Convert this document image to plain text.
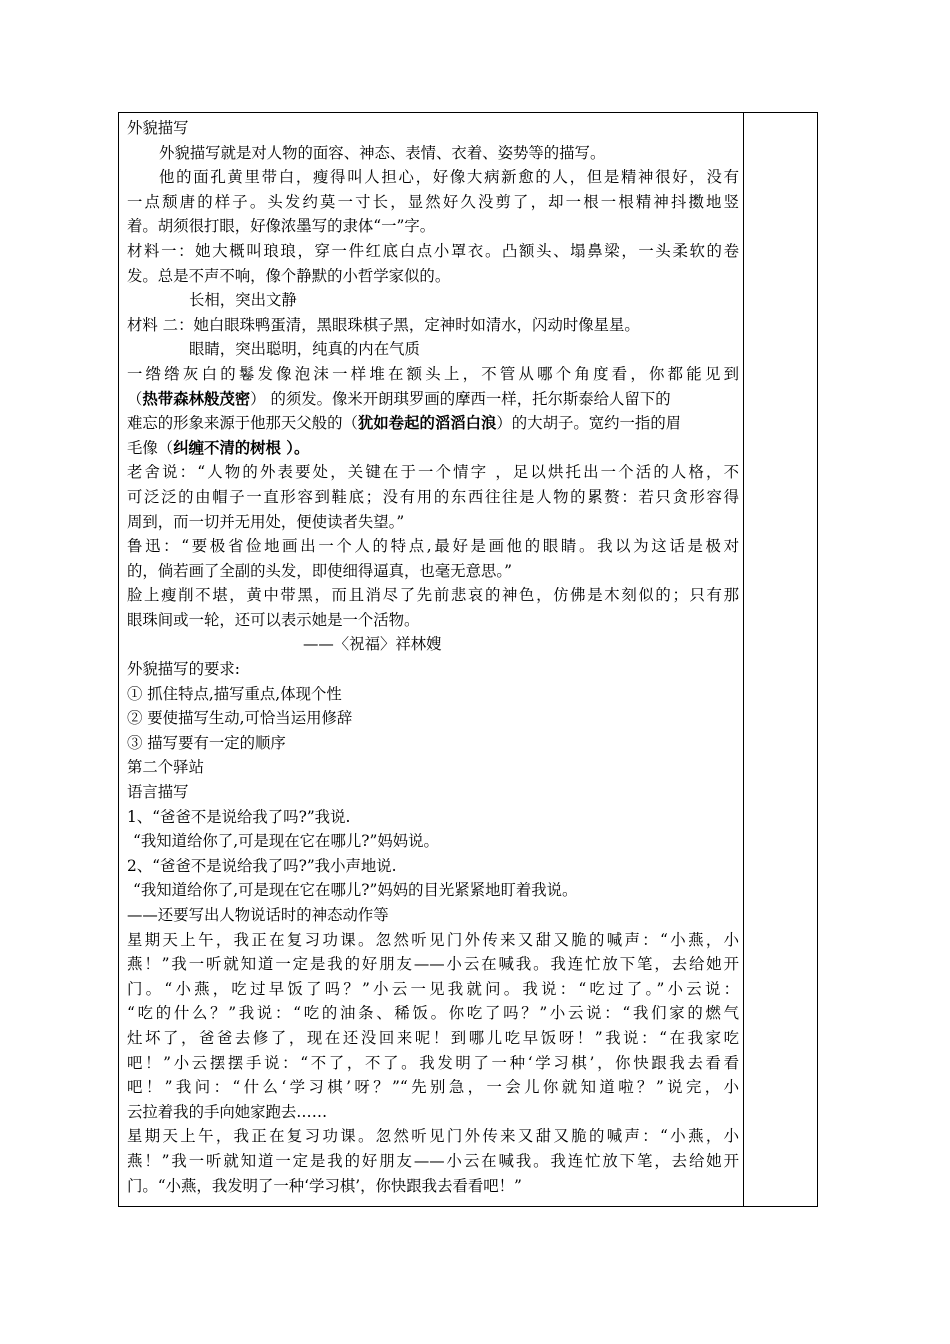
外貌描写
外貌描写就是对人物的面容、神态、表情、衣着、姿势等的描写。
他的面孔黄里带白，瘦得叫人担心，好像大病新愈的人，但是精神很好，没有
一点颓唐的样子。头发约莫一寸长，显然好久没剪了，却一根一根精神抖擞地竖
着。胡须很打眼，好像浓墨写的隶体“一”字。
材料一：她大概叫琅琅，穿一件红底白点小罩衣。凸额头、塌鼻梁，一头柔软的卷
发。总是不声不响，像个静默的小哲学家似的。
长相，突出文静
材料 二：她白眼珠鸭蛋清，黑眼珠棋子黑，定神时如清水，闪动时像星星。
眼睛，突出聪明，纯真的内在气质
一绺绺灰白的鬈发像泡沫一样堆在额头上，不管从哪个角度看，你都能见到
（热带森林般茂密） 的须发。像米开朗琪罗画的摩西一样，托尔斯泰给人留下的
难忘的形象来源于他那天父般的（犹如卷起的滔滔白浪）的大胡子。宽约一指的眉
毛像（纠缠不清的树根 ）。
老舍说：“人物的外表要处，关键在于一个情字 ，足以烘托出一个活的人格，不
可泛泛的由帽子一直形容到鞋底；没有用的东西往往是人物的累赘：若只贪形容得
周到，而一切并无用处，便使读者失望。”
鲁迅：“要极省俭地画出一个人的特点,最好是画他的眼睛。我以为这话是极对
的，倘若画了全副的头发，即使细得逼真，也毫无意思。”
脸上瘦削不堪，黄中带黑，而且消尽了先前悲哀的神色，仿佛是木刻似的；只有那
眼珠间或一轮，还可以表示她是一个活物。
——〈祝福〉祥林嫂
外貌描写的要求:
① 抓住特点,描写重点,体现个性
② 要使描写生动,可恰当运用修辞
③ 描写要有一定的顺序
第二个驿站
语言描写
1、“爸爸不是说给我了吗?”我说.
“我知道给你了,可是现在它在哪儿?”妈妈说。
2、“爸爸不是说给我了吗?”我小声地说.
“我知道给你了,可是现在它在哪儿?”妈妈的目光紧紧地盯着我说。
——还要写出人物说话时的神态动作等
星期天上午，我正在复习功课。忽然听见门外传来又甜又脆的喊声：“小燕，小
燕！”我一听就知道一定是我的好朋友——小云在喊我。我连忙放下笔，去给她开
门。“小燕，吃过早饭了吗？”小云一见我就问。我说：“吃过了。”小云说：
“吃的什么？”我说：“吃的油条、稀饭。你吃了吗？”小云说：“我们家的燃气
灶坏了，爸爸去修了，现在还没回来呢！到哪儿吃早饭呀！”我说：“在我家吃
吧！”小云摆摆手说：“不了，不了。我发明了一种‘学习棋’，你快跟我去看看
吧！”我问：“什么‘学习棋’呀？”“先别急，一会儿你就知道啦？”说完，小
云拉着我的手向她家跑去……
星期天上午，我正在复习功课。忽然听见门外传来又甜又脆的喊声：“小燕，小
燕！”我一听就知道一定是我的好朋友——小云在喊我。我连忙放下笔，去给她开
门。“小燕，我发明了一种‘学习棋’，你快跟我去看看吧！”
